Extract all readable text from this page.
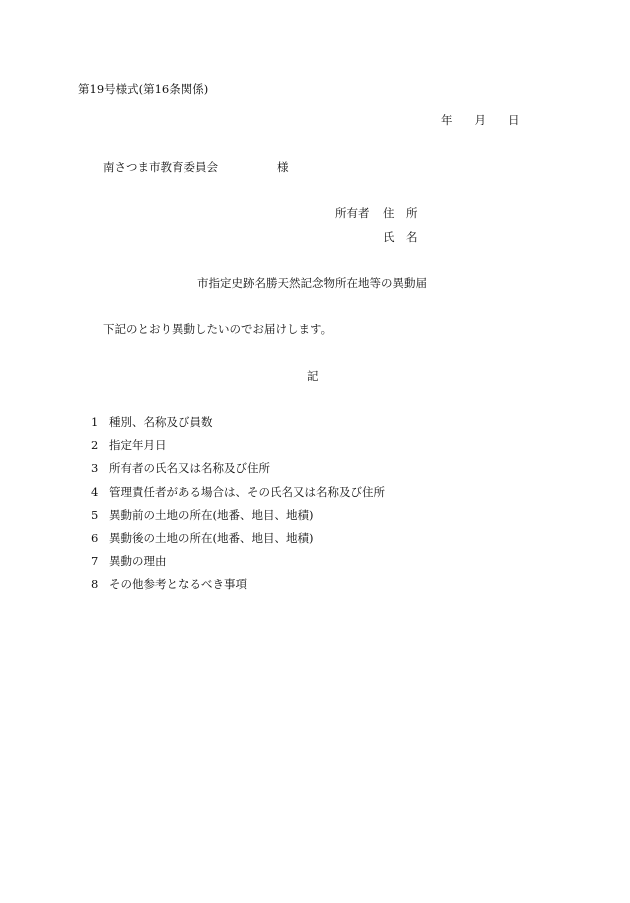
第19号様式(第16条関係)
年 月 日
南さつま市教育委員会	様
所有者 住　所
氏　名
市指定史跡名勝天然記念物所在地等の異動届
下記のとおり異動したいのでお届けします。
記
1 種別、名称及び員数
2 指定年月日
3 所有者の氏名又は名称及び住所
4 管理責任者がある場合は、その氏名又は名称及び住所
5 異動前の土地の所在(地番、地目、地積)
6 異動後の土地の所在(地番、地目、地積)
7 異動の理由
8 その他参考となるべき事項
